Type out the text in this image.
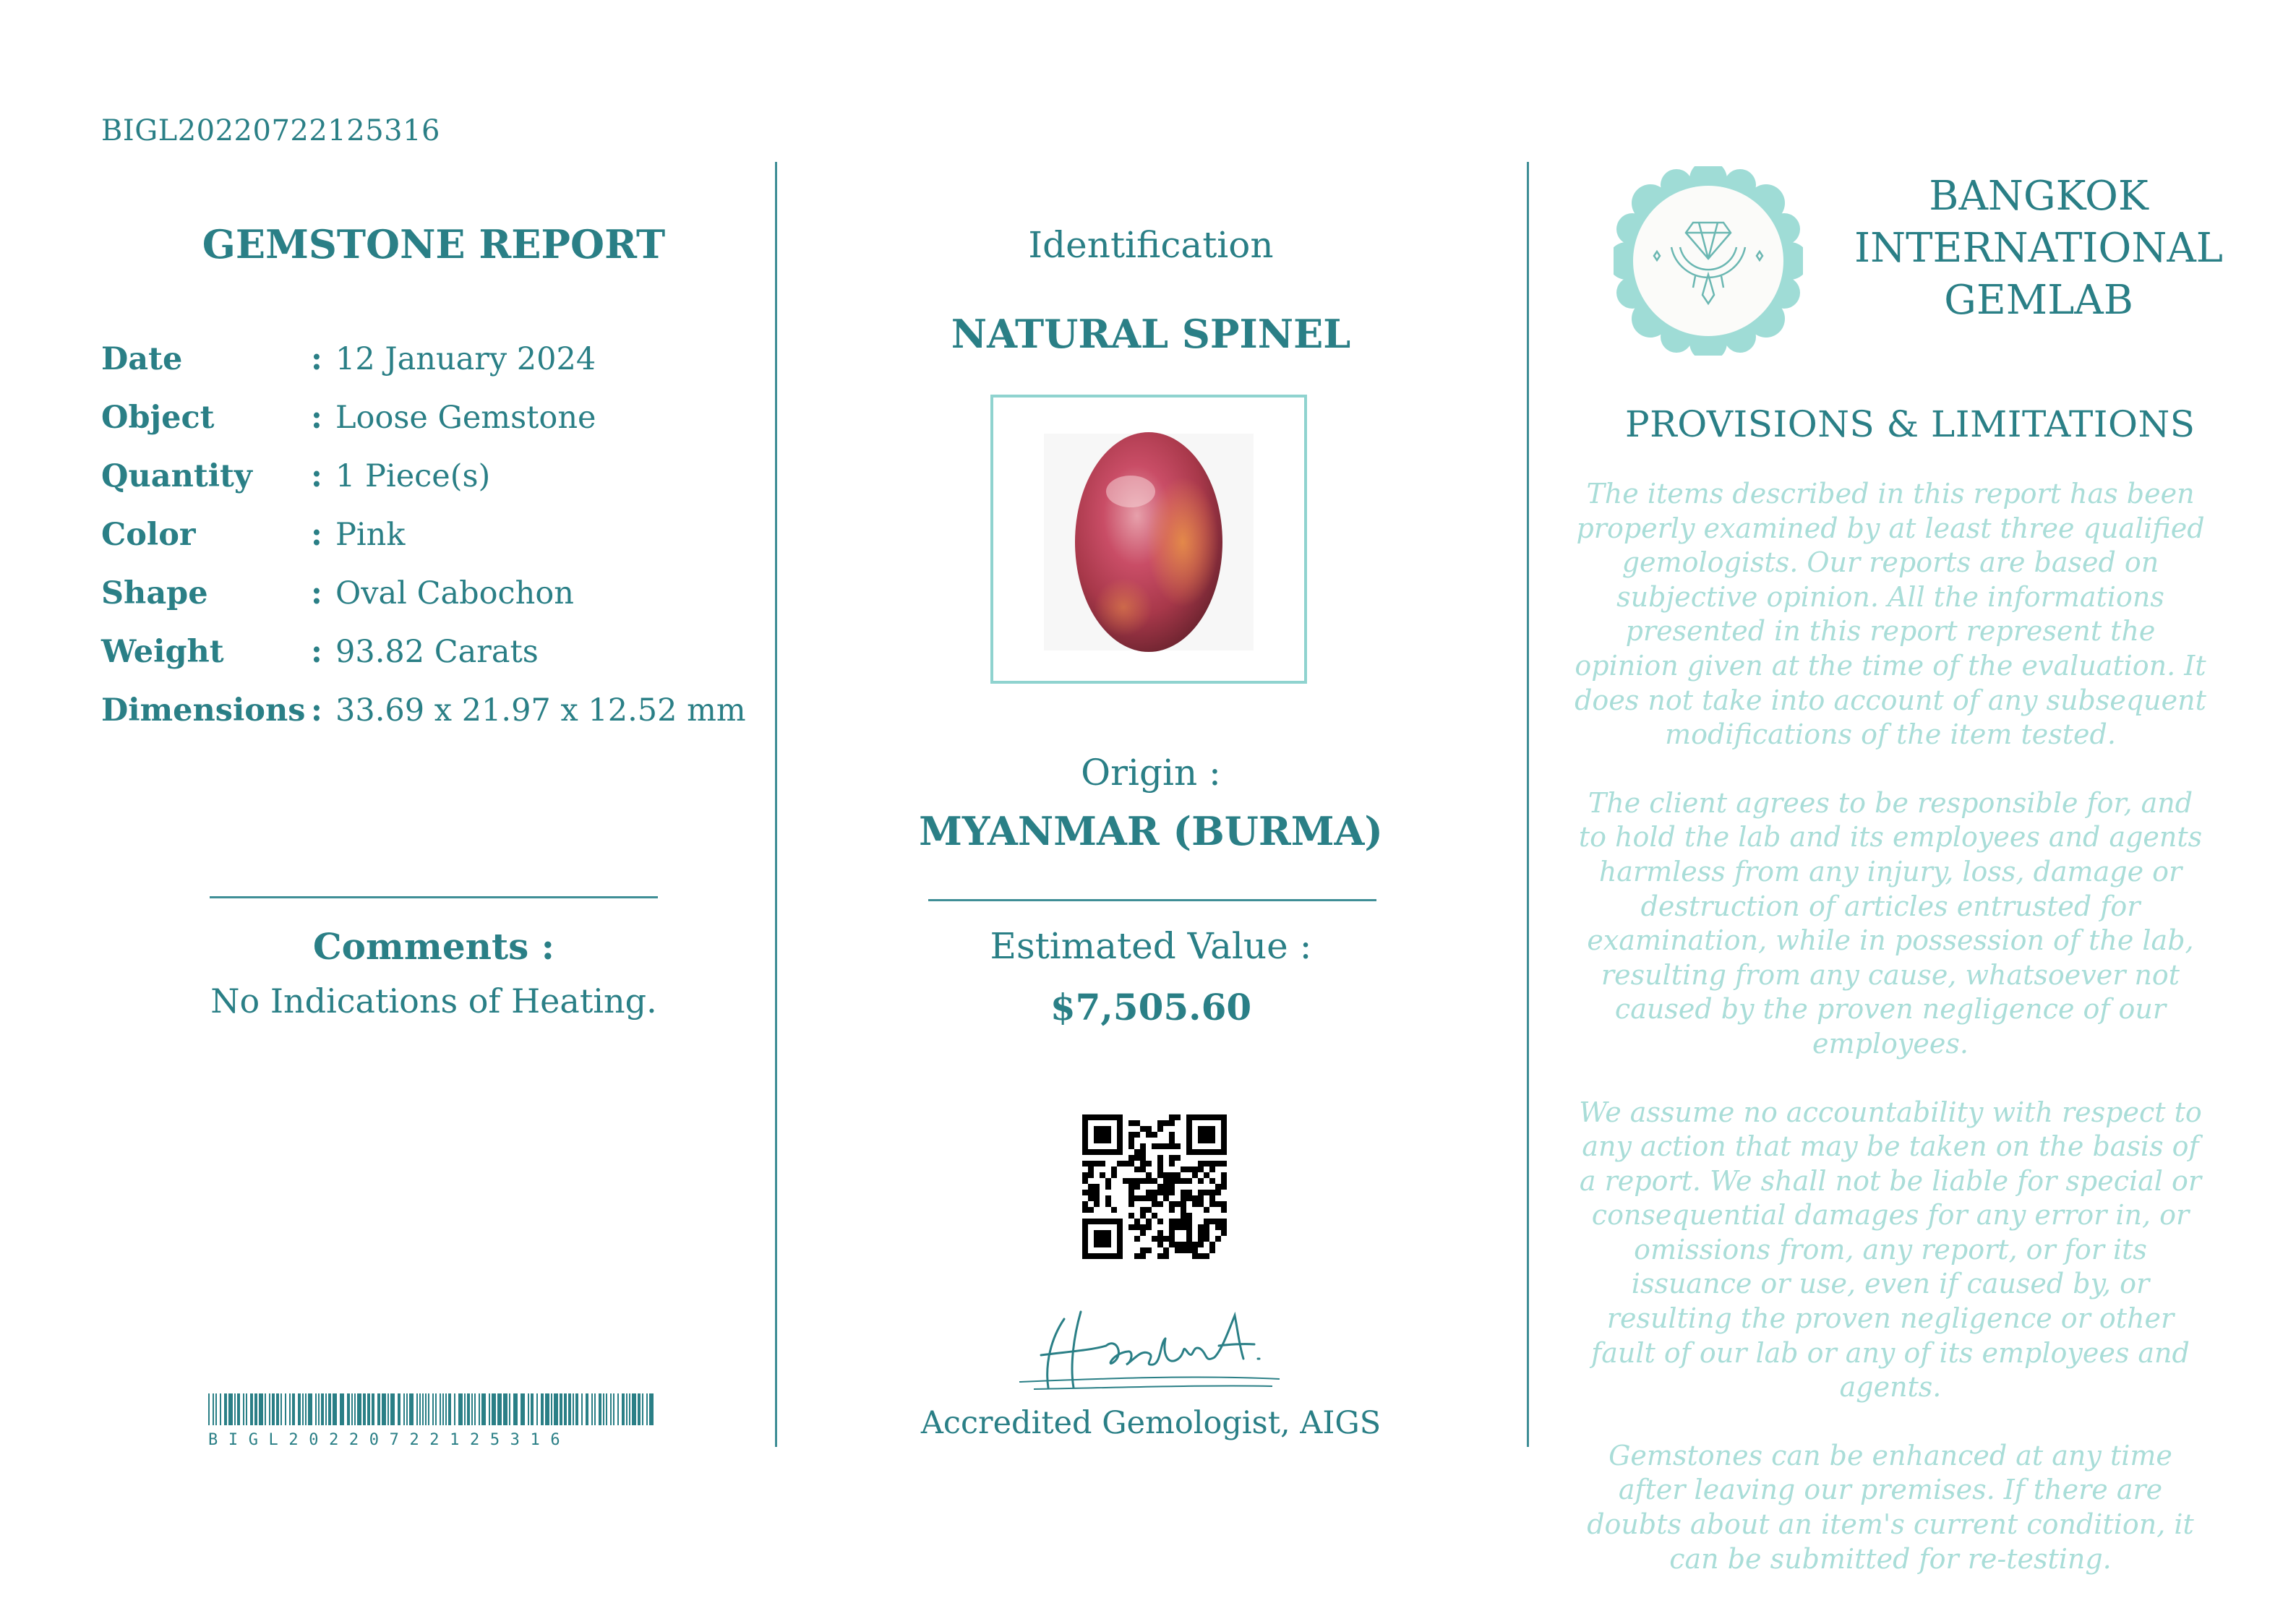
BIGL20220722125316
GEMSTONE REPORT
Date	: 12 January 2024
Object	: Loose Gemstone
Quantity	: 1 Piece(s)
Color	: Pink
Shape	: Oval Cabochon
Weight	: 93.82 Carats
Dimensions : 33.69 x 21.97 x 12.52 mm
Comments :
No Indications of Heating.
BIGL20220722125316
Identification
NATURAL SPINEL
Origin :
MYANMAR (BURMA)
Estimated Value :
$7,505.60
Accredited Gemologist, AIGS
BANGKOK
INTERNATIONAL
GEMLAB
PROVISIONS & LIMITATIONS

The items described in this report has been properly examined by at least three qualified gemologists. Our reports are based on subjective opinion. All the informations presented in this report represent the opinion given at the time of the evaluation. It does not take into account of any subsequent modifications of the item tested.

The client agrees to be responsible for, and to hold the lab and its employees and agents harmless from any injury, loss, damage or destruction of articles entrusted for examination, while in possession of the lab, resulting from any cause, whatsoever not caused by the proven negligence of our employees.

We assume no accountability with respect to any action that may be taken on the basis of a report. We shall not be liable for special or consequential damages for any error in, or omissions from, any report, or for its issuance or use, even if caused by, or resulting the proven negligence or other fault of our lab or any of its employees and agents.

Gemstones can be enhanced at any time after leaving our premises. If there are doubts about an item's current condition, it can be submitted for re-testing.
